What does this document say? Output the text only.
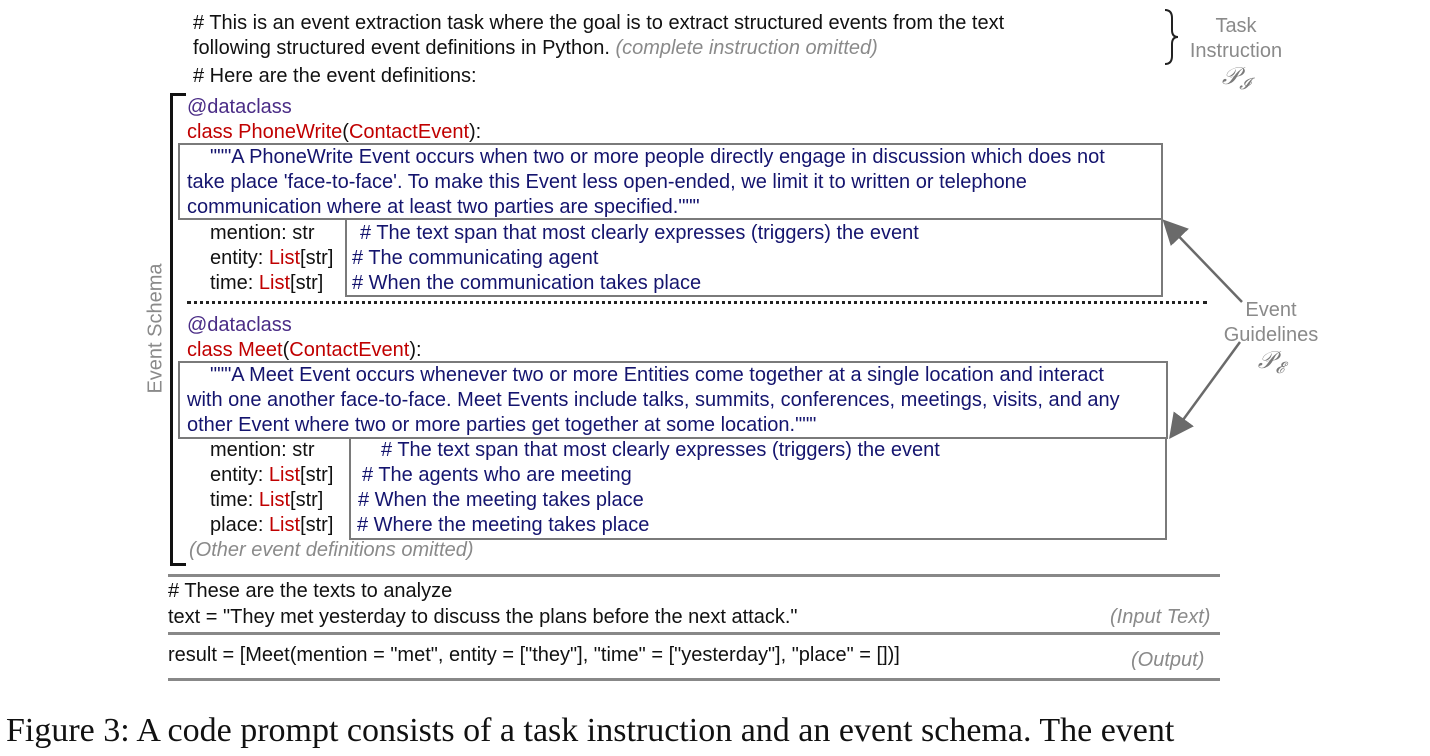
# This is an event extraction task where the goal is to extract structured events from the text
following structured event definitions in Python. (complete instruction omitted)
# Here are the event definitions:
Task
Instruction
𝒫$_𝓘$
Event Schema
@dataclass
class PhoneWrite(ContactEvent):
"""A PhoneWrite Event occurs when two or more people directly engage in discussion which does not
take place 'face-to-face'. To make this Event less open-ended, we limit it to written or telephone
communication where at least two parties are specified."""
mention: str # The text span that most clearly expresses (triggers) the event
entity: List[str] # The communicating agent
time: List[str] # When the communication takes place
@dataclass
class Meet(ContactEvent):
"""A Meet Event occurs whenever two or more Entities come together at a single location and interact
with one another face-to-face. Meet Events include talks, summits, conferences, meetings, visits, and any
other Event where two or more parties get together at some location."""
mention: str	# The text span that most clearly expresses (triggers) the event
entity: List[str] # The agents who are meeting
time: List[str] # When the meeting takes place
place: List[str] # Where the meeting takes place
(Other event definitions omitted)
Event
Guidelines
𝒫$_𝓔$
# These are the texts to analyze
text = "They met yesterday to discuss the plans before the next attack."	(Input Text)
result = [Meet(mention = "met", entity = ["they"], "time" = ["yesterday"], "place" = [])]	(Output)
Figure 3: A code prompt consists of a task instruction and an event schema. The event
